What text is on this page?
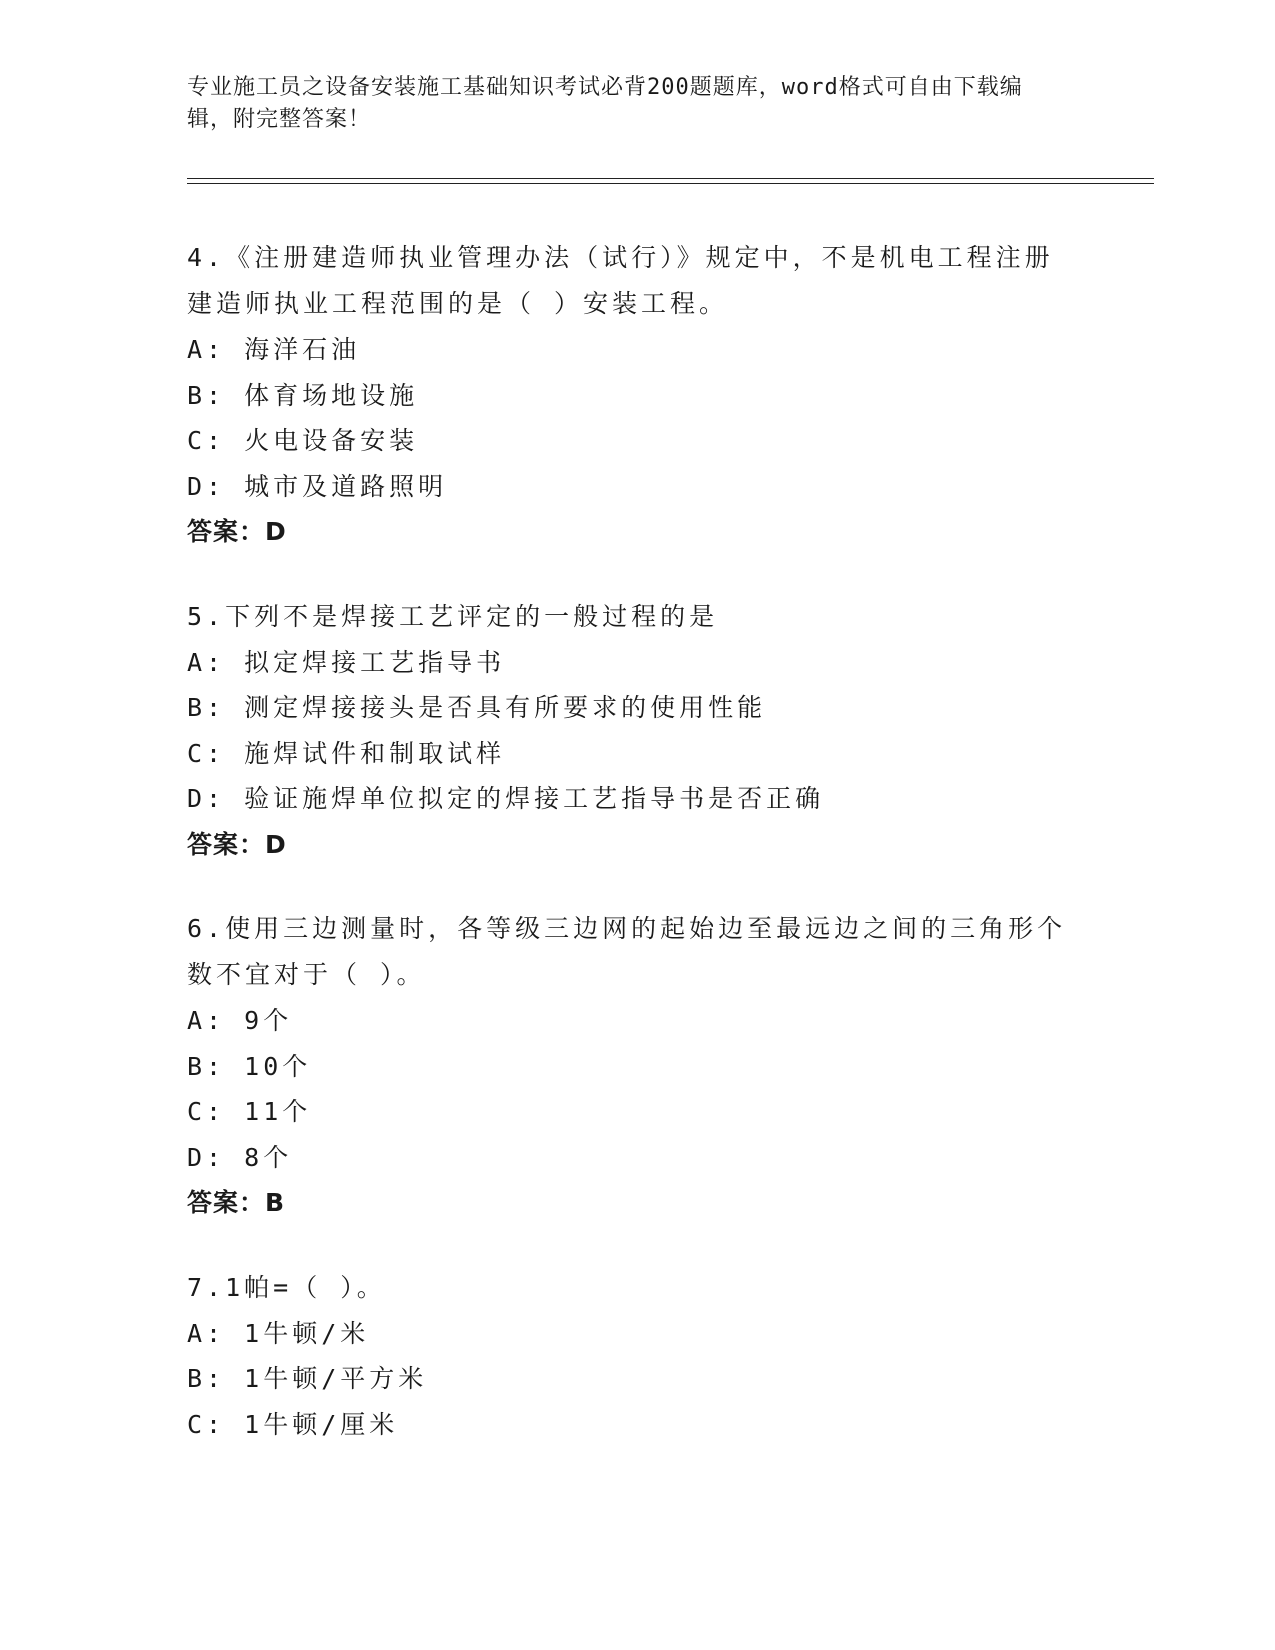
专业施工员之设备安装施工基础知识考试必背200题题库，word格式可自由下载编辑，附完整答案！
4.《注册建造师执业管理办法（试行）》规定中，不是机电工程注册建造师执业工程范围的是（ ）安装工程。
A: 海洋石油
B: 体育场地设施
C: 火电设备安装
D: 城市及道路照明
答案：D
5.下列不是焊接工艺评定的一般过程的是
A: 拟定焊接工艺指导书
B: 测定焊接接头是否具有所要求的使用性能
C: 施焊试件和制取试样
D: 验证施焊单位拟定的焊接工艺指导书是否正确
答案：D
6.使用三边测量时，各等级三边网的起始边至最远边之间的三角形个数不宜对于（ ）。
A: 9个
B: 10个
C: 11个
D: 8个
答案：B
7.1帕=（ ）。
A: 1牛顿/米
B: 1牛顿/平方米
C: 1牛顿/厘米
